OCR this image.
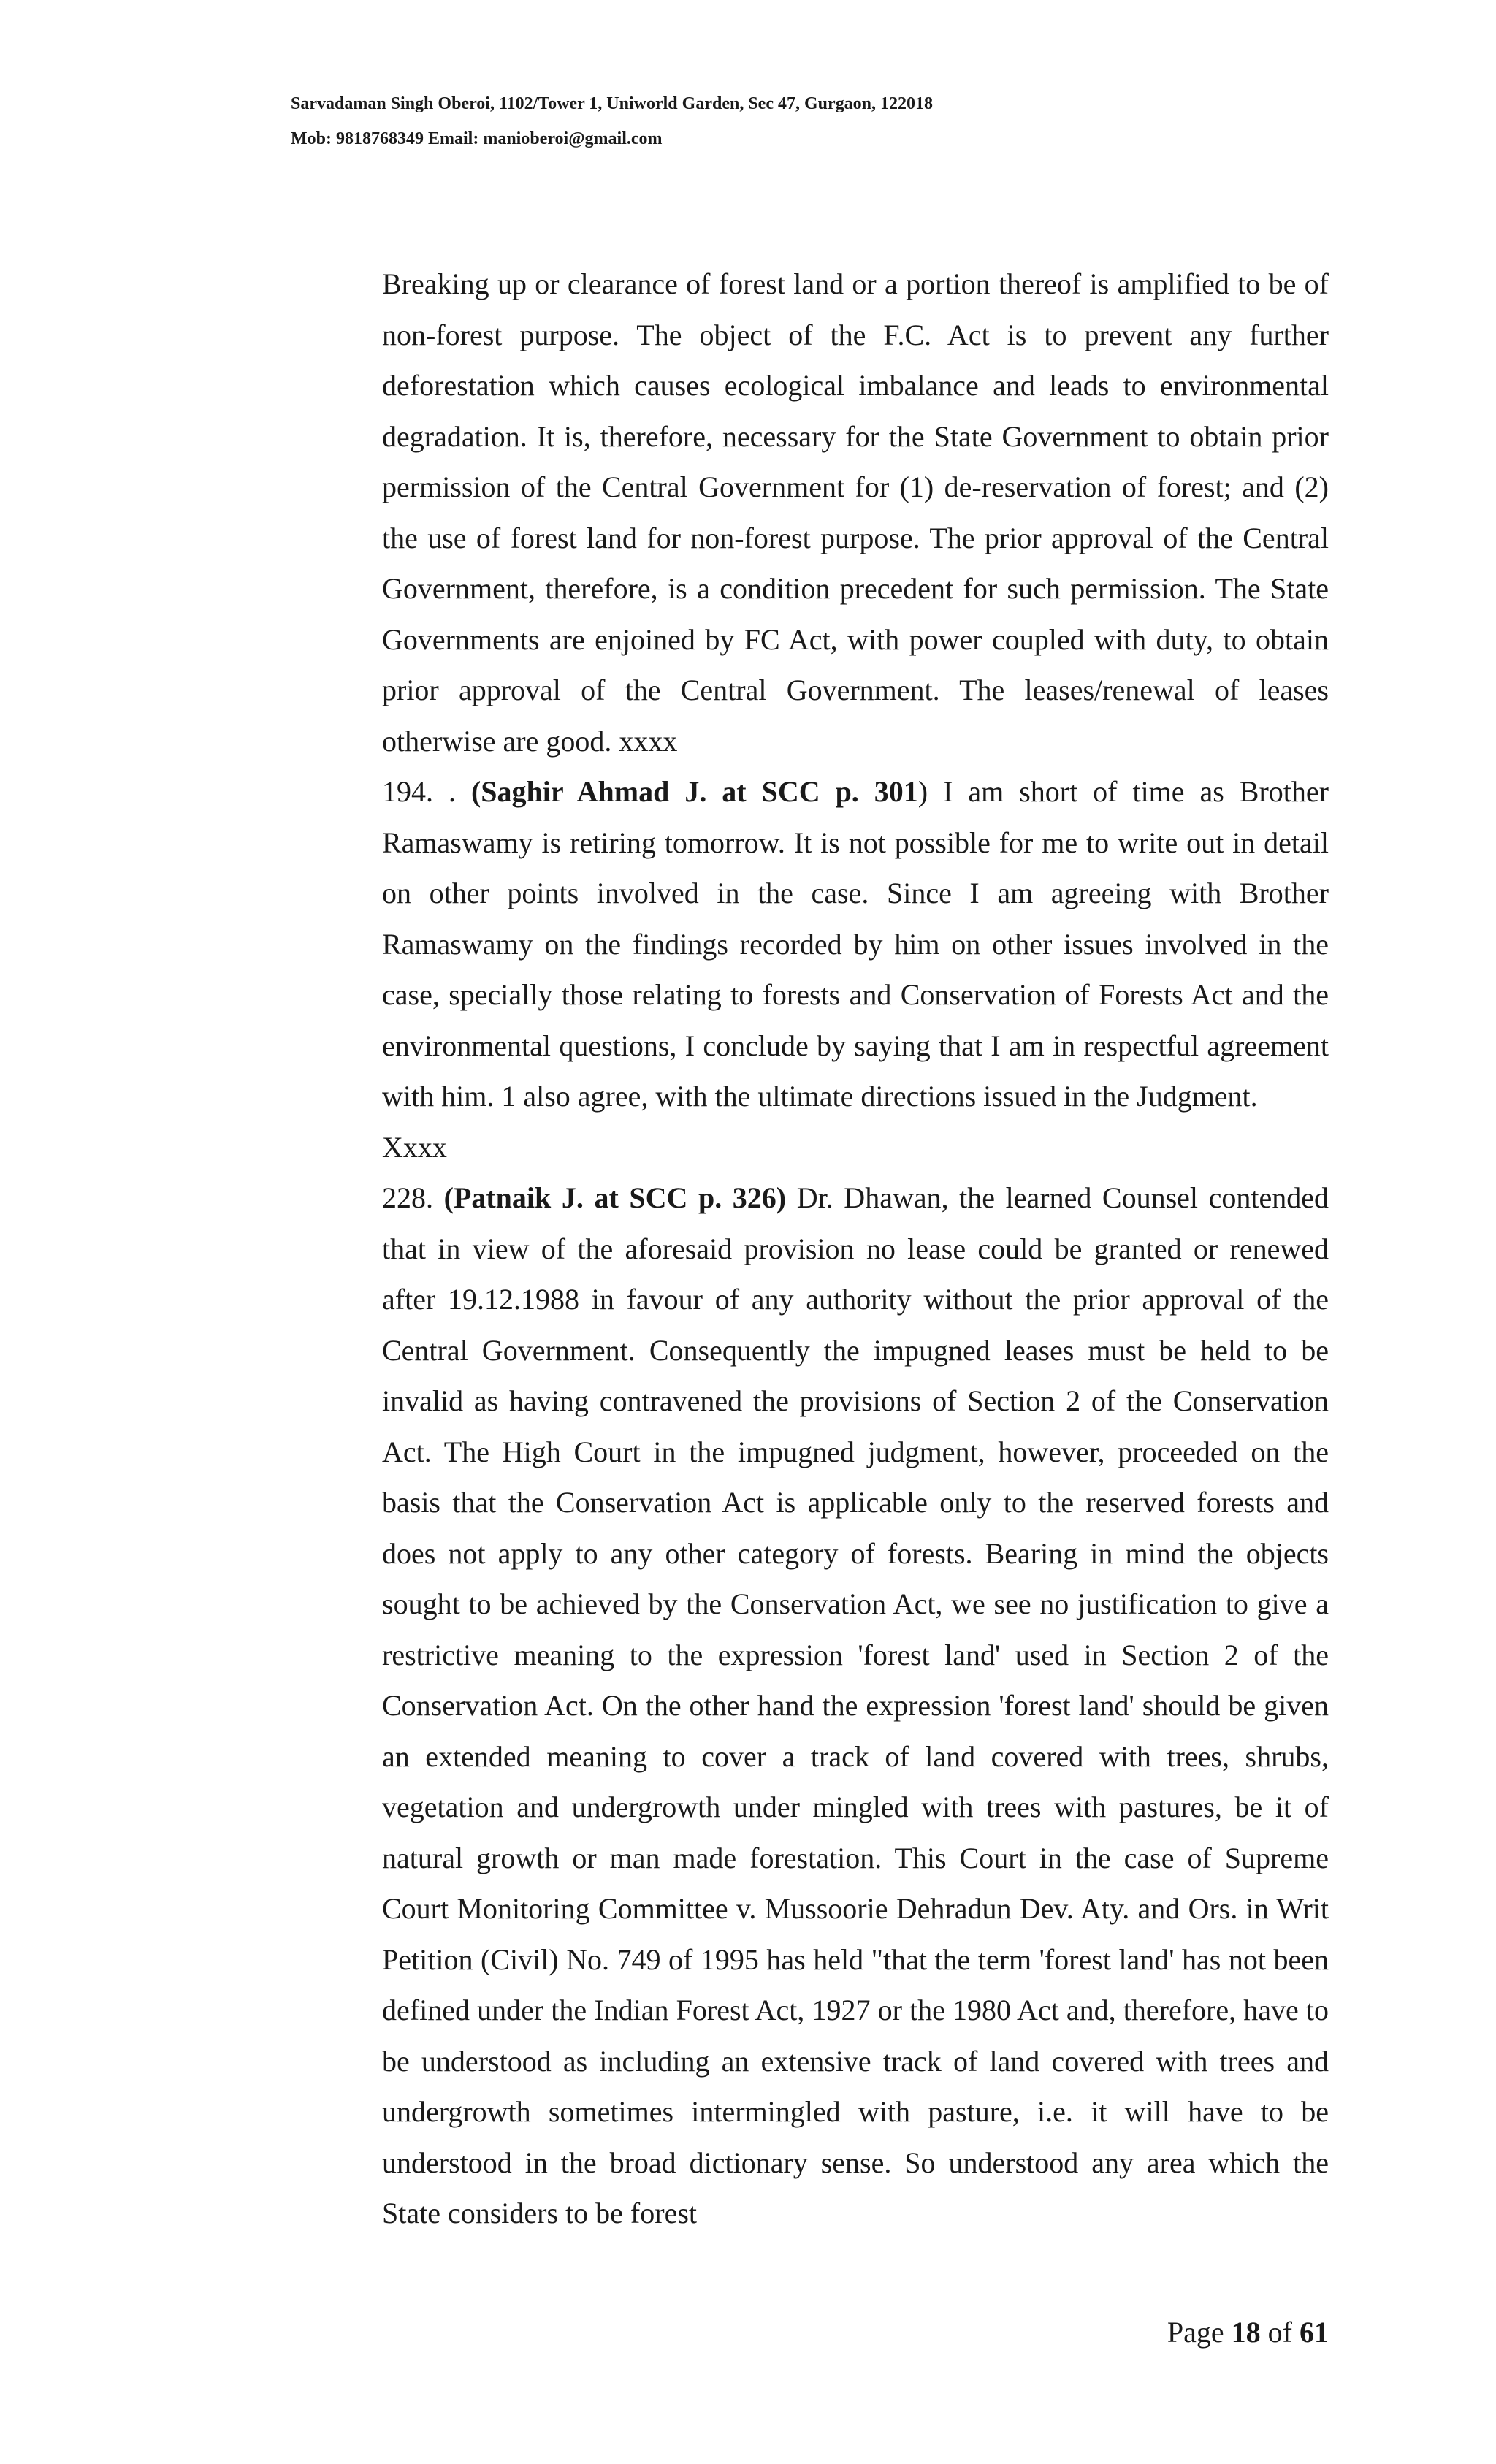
Sarvadaman Singh Oberoi, 1102/Tower 1, Uniworld Garden, Sec 47, Gurgaon, 122018
Mob: 9818768349 Email: manioberoi@gmail.com

Breaking up or clearance of forest land or a portion thereof is amplified to be of non-forest purpose. The object of the F.C. Act is to prevent any further deforestation which causes ecological imbalance and leads to environmental degradation. It is, therefore, necessary for the State Government to obtain prior permission of the Central Government for (1) de-reservation of forest; and (2) the use of forest land for non-forest purpose. The prior approval of the Central Government, therefore, is a condition precedent for such permission. The State Governments are enjoined by FC Act, with power coupled with duty, to obtain prior approval of the Central Government. The leases/renewal of leases otherwise are good. xxxx

194. . (Saghir Ahmad J. at SCC p. 301) I am short of time as Brother Ramaswamy is retiring tomorrow. It is not possible for me to write out in detail on other points involved in the case. Since I am agreeing with Brother Ramaswamy on the findings recorded by him on other issues involved in the case, specially those relating to forests and Conservation of Forests Act and the environmental questions, I conclude by saying that I am in respectful agreement with him. 1 also agree, with the ultimate directions issued in the Judgment.

Xxxx

228. (Patnaik J. at SCC p. 326) Dr. Dhawan, the learned Counsel contended that in view of the aforesaid provision no lease could be granted or renewed after 19.12.1988 in favour of any authority without the prior approval of the Central Government. Consequently the impugned leases must be held to be invalid as having contravened the provisions of Section 2 of the Conservation Act. The High Court in the impugned judgment, however, proceeded on the basis that the Conservation Act is applicable only to the reserved forests and does not apply to any other category of forests. Bearing in mind the objects sought to be achieved by the Conservation Act, we see no justification to give a restrictive meaning to the expression 'forest land' used in Section 2 of the Conservation Act. On the other hand the expression 'forest land' should be given an extended meaning to cover a track of land covered with trees, shrubs, vegetation and undergrowth under mingled with trees with pastures, be it of natural growth or man made forestation. This Court in the case of Supreme Court Monitoring Committee v. Mussoorie Dehradun Dev. Aty. and Ors. in Writ Petition (Civil) No. 749 of 1995 has held "that the term 'forest land' has not been defined under the Indian Forest Act, 1927 or the 1980 Act and, therefore, have to be understood as including an extensive track of land covered with trees and undergrowth sometimes intermingled with pasture, i.e. it will have to be understood in the broad dictionary sense. So understood any area which the State considers to be forest

Page 18 of 61
